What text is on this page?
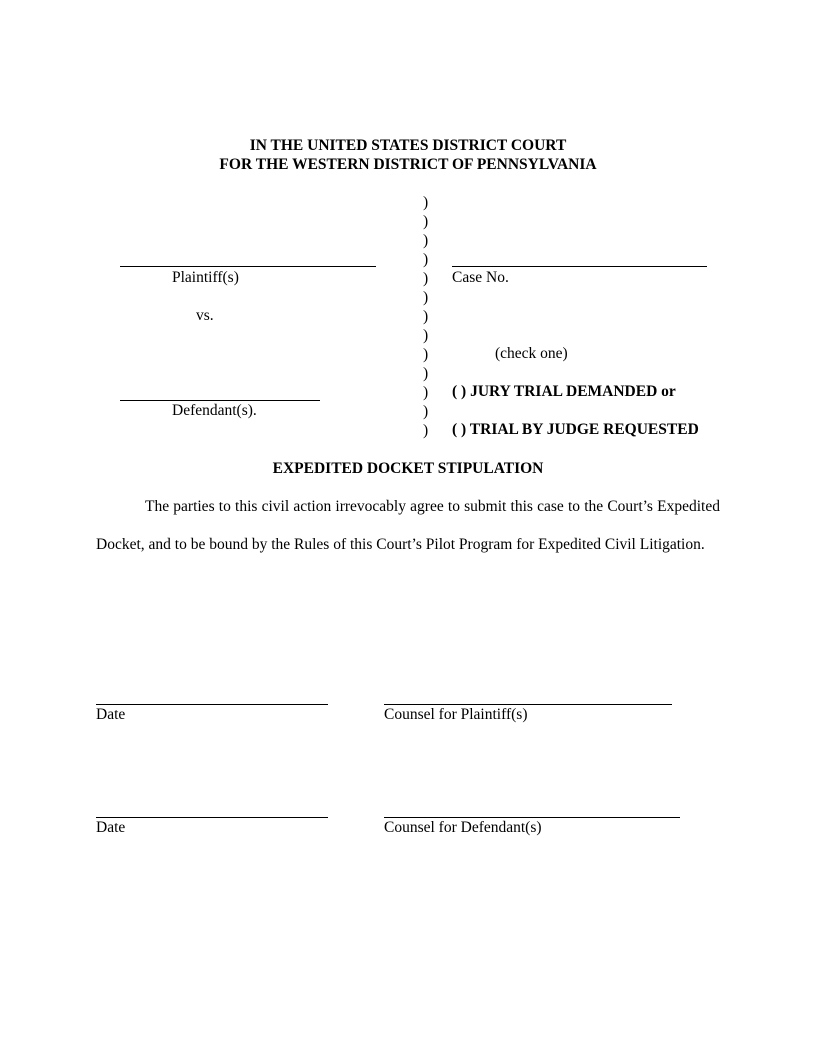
IN THE UNITED STATES DISTRICT COURT
FOR THE WESTERN DISTRICT OF PENNSYLVANIA
Plaintiff(s)
vs.
Defendant(s).
)
)
)
)
)
)
)
)
)
)
)
)
)
Case No.
(check one)
( ) JURY TRIAL DEMANDED or
( ) TRIAL BY JUDGE REQUESTED
EXPEDITED DOCKET STIPULATION
The parties to this civil action irrevocably agree to submit this case to the Court’s Expedited Docket, and to be bound by the Rules of this Court’s Pilot Program for Expedited Civil Litigation.
Date	Counsel for Plaintiff(s)
Date	Counsel for Defendant(s)
